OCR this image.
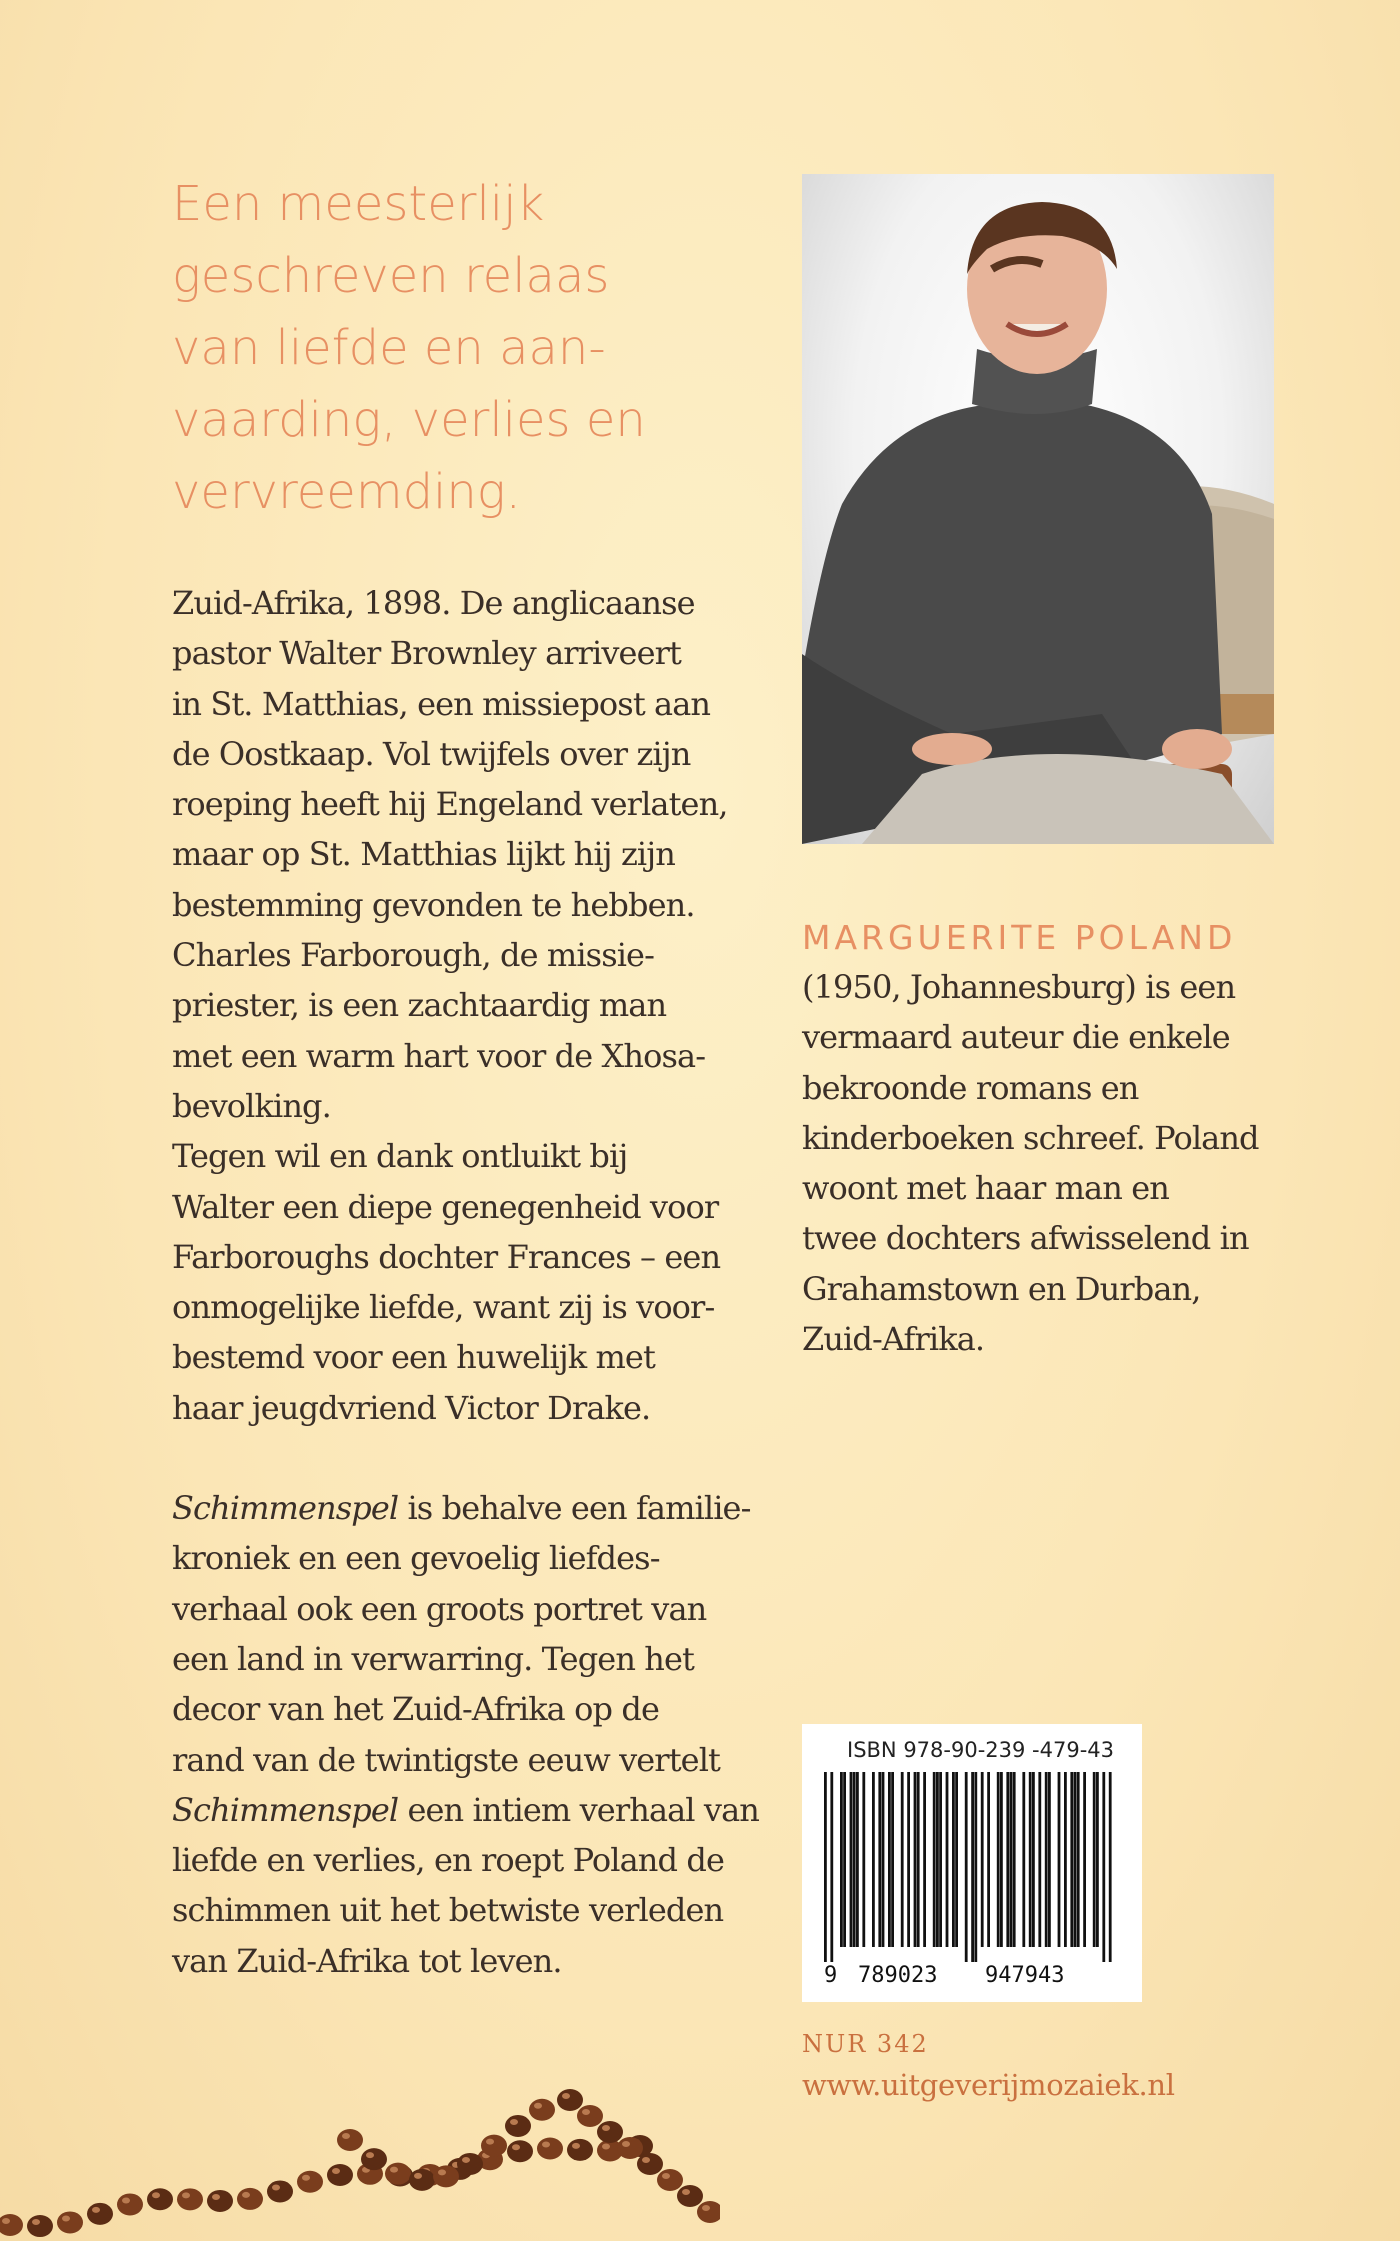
Een meesterlijk
geschreven relaas
van liefde en aan-
vaarding, verlies en
vervreemding.
Zuid-Afrika, 1898. De anglicaanse
pastor Walter Brownley arriveert
in St. Matthias, een missiepost aan
de Oostkaap. Vol twijfels over zijn
roeping heeft hij Engeland verlaten,
maar op St. Matthias lijkt hij zijn
bestemming gevonden te hebben.
Charles Farborough, de missie-
priester, is een zachtaardig man
met een warm hart voor de Xhosa-
bevolking.
Tegen wil en dank ontluikt bij
Walter een diepe genegenheid voor
Farboroughs dochter Frances – een
onmogelijke liefde, want zij is voor-
bestemd voor een huwelijk met
haar jeugdvriend Victor Drake.
Schimmenspel is behalve een familie-
kroniek en een gevoelig liefdes-
verhaal ook een groots portret van
een land in verwarring. Tegen het
decor van het Zuid-Afrika op de
rand van de twintigste eeuw vertelt
Schimmenspel een intiem verhaal van
liefde en verlies, en roept Poland de
schimmen uit het betwiste verleden
van Zuid-Afrika tot leven.
MARGUERITE POLAND
(1950, Johannesburg) is een
vermaard auteur die enkele
bekroonde romans en
kinderboeken schreef. Poland
woont met haar man en
twee dochters afwisselend in
Grahamstown en Durban,
Zuid-Afrika.
ISBN 978-90-239 -479-43
9 789023 947943
NUR 342
www.uitgeverijmozaiek.nl
